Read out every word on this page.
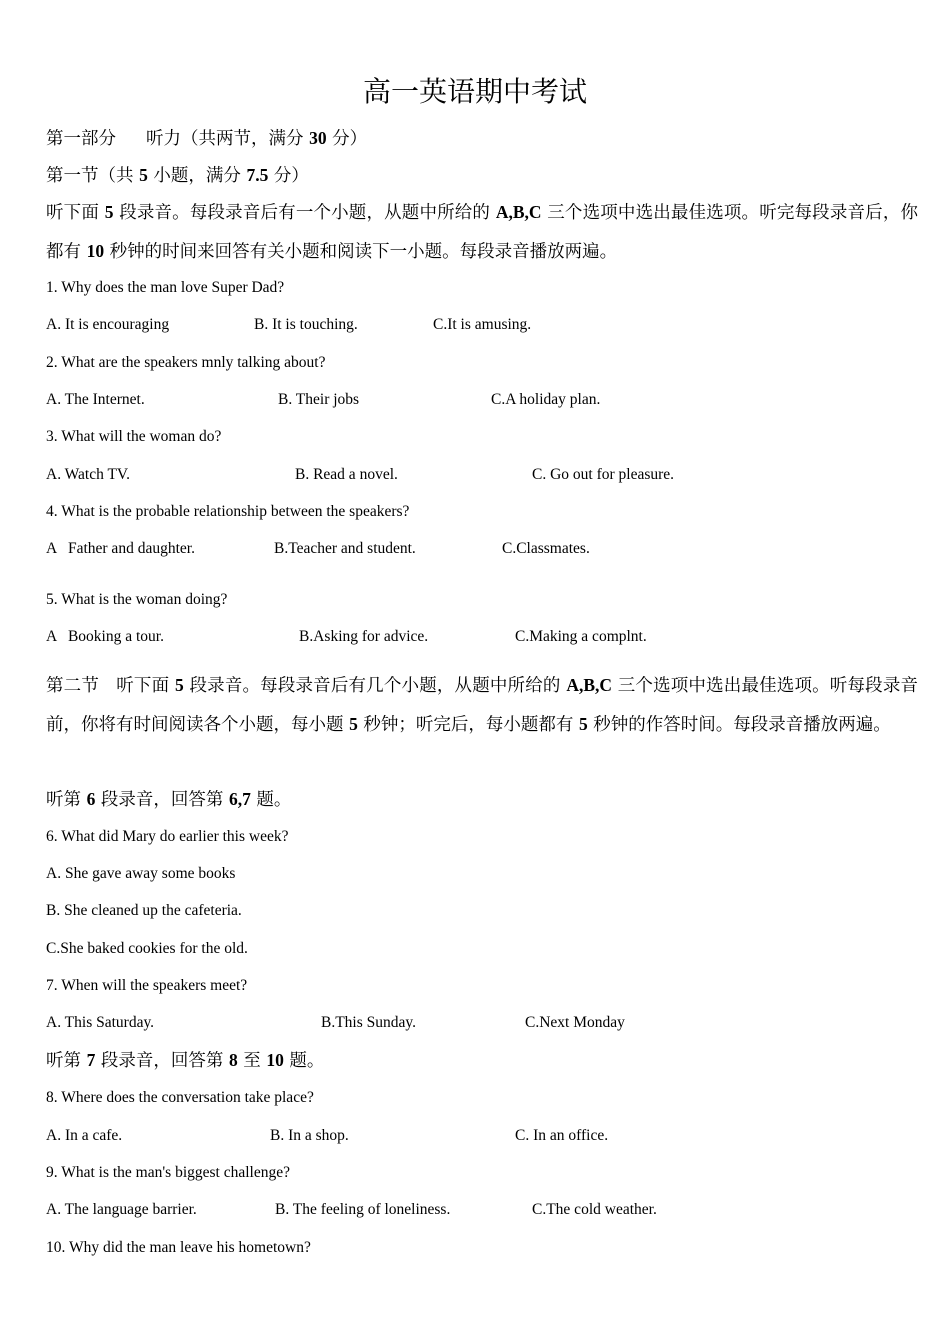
高一英语期中考试
第一部分 听力（共两节，满分 30 分）
第一节（共 5 小题，满分 7.5 分）
听下面 5 段录音。每段录音后有一个小题，从题中所给的 A,B,C 三个选项中选出最佳选项。听完每段录音后，你都有 10 秒钟的时间来回答有关小题和阅读下一小题。每段录音播放两遍。
1. Why does the man love Super Dad?
A. It is encouraging	B. It is touching.	C.It is amusing.
2. What are the speakers mnly talking about?
A. The Internet.	B. Their jobs	C.A holiday plan.
3. What will the woman do?
A. Watch TV.	B. Read a novel.	C. Go out for pleasure.
4. What is the probable relationship between the speakers?
A   Father and daughter.	B.Teacher and student.	C.Classmates.
5. What is the woman doing?
A   Booking a tour.	B.Asking for advice.	C.Making a complnt.
第二节   听下面 5 段录音。每段录音后有几个小题，从题中所给的 A,B,C 三个选项中选出最佳选项。听每段录音前，你将有时间阅读各个小题，每小题 5 秒钟；听完后，每小题都有 5 秒钟的作答时间。每段录音播放两遍。
听第 6 段录音，回答第 6,7 题。
6. What did Mary do earlier this week?
A. She gave away some books
B. She cleaned up the cafeteria.
C.She baked cookies for the old.
7. When will the speakers meet?
A. This Saturday.	B.This Sunday.	C.Next Monday
听第 7 段录音，回答第 8 至 10 题。
8. Where does the conversation take place?
A. In a cafe.	B. In a shop.	C. In an office.
9. What is the man's biggest challenge?
A. The language barrier.	B. The feeling of loneliness.	C.The cold weather.
10. Why did the man leave his hometown?
